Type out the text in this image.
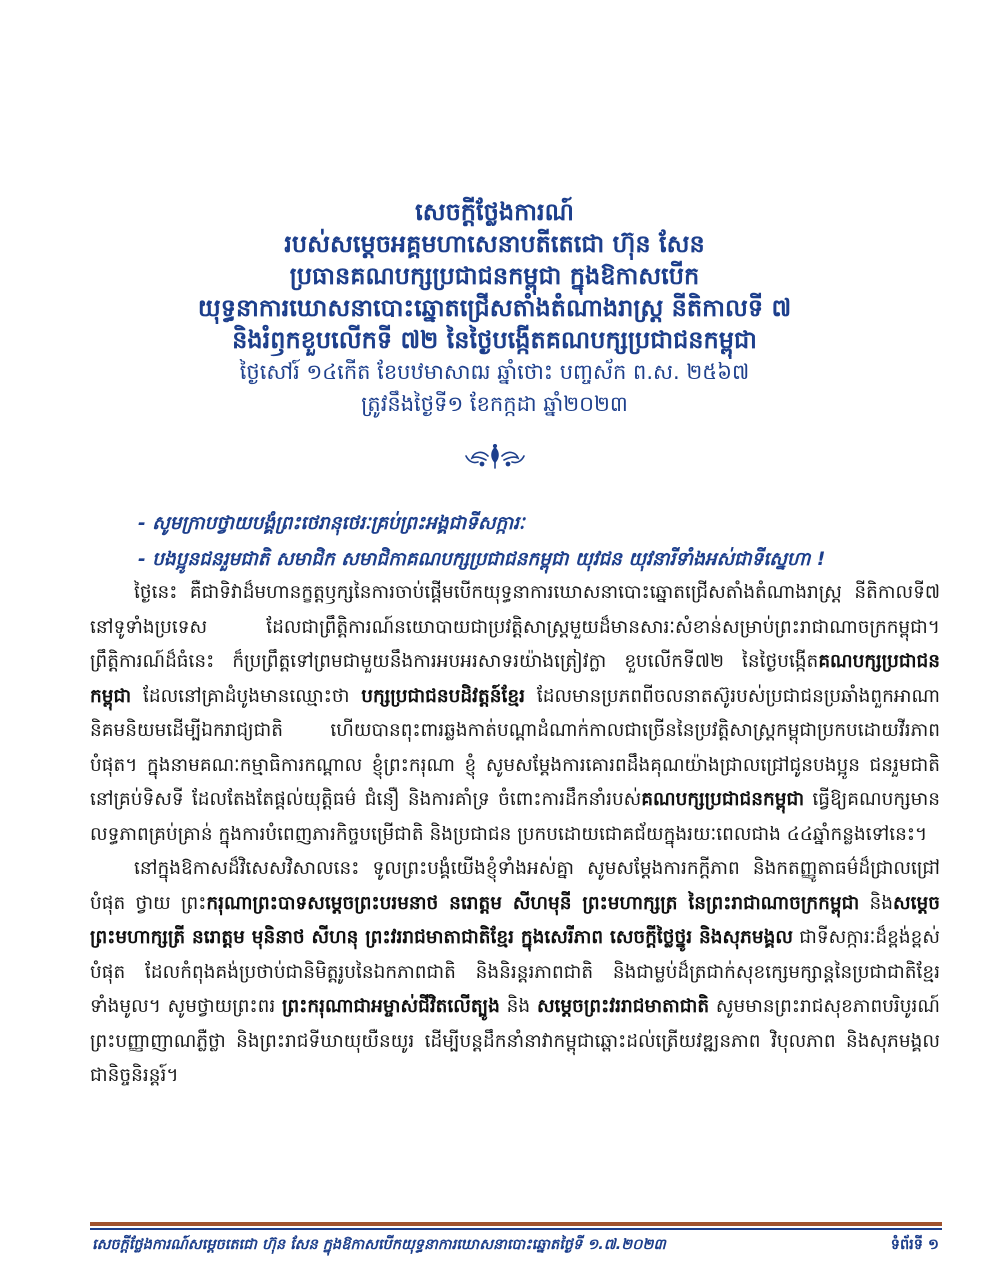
សេចក្តីថ្លែងការណ៍
របស់សម្តេចអគ្គមហាសេនាបតីតេជោ ហ៊ុន សែន
ប្រធានគណបក្សប្រជាជនកម្ពុជា ក្នុងឱកាសបើក
យុទ្ធនាការឃោសនាបោះឆ្នោតជ្រើសតាំងតំណាងរាស្ត្រ នីតិកាលទី ៧
និងរំឭកខួបលើកទី ៧២ នៃថ្ងៃបង្កើតគណបក្សប្រជាជនកម្ពុជា
ថ្ងៃសៅរ៍ ១៤កើត ខែបឋមាសាឍ ឆ្នាំថោះ បញ្ចស័ក ព.ស. ២៥៦៧
ត្រូវនឹងថ្ងៃទី១ ខែកក្កដា ឆ្នាំ២០២៣
- សូមក្រាបថ្វាយបង្គំព្រះថេរានុថេរៈគ្រប់ព្រះអង្គជាទីសក្ការៈ
- បងប្អូនជនរួមជាតិ សមាជិក សមាជិកាគណបក្សប្រជាជនកម្ពុជា យុវជន យុវនារីទាំងអស់ជាទីស្នេហា !

ថ្ងៃនេះ គឺជាទិវាដ៏មហានក្ខត្តឫក្សនៃការចាប់ផ្តើមបើកយុទ្ធនាការឃោសនាបោះឆ្នោតជ្រើសតាំងតំណាងរាស្ត្រ នីតិកាលទី៧ នៅទូទាំងប្រទេស ដែលជាព្រឹត្តិការណ៍នយោបាយជាប្រវត្តិសាស្ត្រមួយដ៏មានសារៈសំខាន់សម្រាប់ព្រះរាជាណាចក្រកម្ពុជា។ ព្រឹត្តិការណ៍ដ៏ធំនេះ ក៏ប្រព្រឹត្តទៅព្រមជាមួយនឹងការអបអរសាទរយ៉ាងត្រៀវក្លា ខួបលើកទី៧២ នៃថ្ងៃបង្កើតគណបក្សប្រជាជនកម្ពុជា ដែលនៅគ្រាដំបូងមានឈ្មោះថា បក្សប្រជាជនបដិវត្តន៍ខ្មែរ ដែលមានប្រភពពីចលនាតស៊ូរបស់ប្រជាជនប្រឆាំងពួកអាណានិគមនិយមដើម្បីឯករាជ្យជាតិ ហើយបានពុះពារឆ្លងកាត់បណ្តាដំណាក់កាលជាច្រើននៃប្រវត្តិសាស្ត្រកម្ពុជាប្រកបដោយវីរភាពបំផុត។ ក្នុងនាមគណៈកម្មាធិការកណ្តាល ខ្ញុំព្រះករុណា ខ្ញុំ សូមសម្តែងការគោរពដឹងគុណយ៉ាងជ្រាលជ្រៅជូនបងប្អូន ជនរួមជាតិនៅគ្រប់ទិសទី ដែលតែងតែផ្តល់យុត្តិធម៌ ជំនឿ និងការគាំទ្រ ចំពោះការដឹកនាំរបស់គណបក្សប្រជាជនកម្ពុជា ធ្វើឱ្យគណបក្សមានលទ្ធភាពគ្រប់គ្រាន់ ក្នុងការបំពេញភារកិច្ចបម្រើជាតិ និងប្រជាជន ប្រកបដោយជោគជ័យក្នុងរយៈពេលជាង ៤៤ឆ្នាំកន្លងទៅនេះ។

នៅក្នុងឱកាសដ៏វិសេសវិសាលនេះ ទូលព្រះបង្គំយើងខ្ញុំទាំងអស់គ្នា សូមសម្តែងការកក្តីភាព និងកតញ្ញូតាធម៌ដ៏ជ្រាលជ្រៅបំផុត ថ្វាយ ព្រះករុណាព្រះបាទសម្តេចព្រះបរមនាថ នរោត្តម សីហមុនី ព្រះមហាក្សត្រ នៃព្រះរាជាណាចក្រកម្ពុជា និងសម្តេចព្រះមហាក្សត្រី នរោត្តម មុនិនាថ សីហនុ ព្រះវររាជមាតាជាតិខ្មែរ ក្នុងសេរីភាព សេចក្តីថ្លៃថ្នូរ និងសុភមង្គល ជាទីសក្ការៈដ៏ខ្ពង់ខ្ពស់បំផុត ដែលកំពុងគង់ប្រថាប់ជានិមិត្តរូបនៃឯកភាពជាតិ និងនិរន្តរភាពជាតិ និងជាម្លប់ដ៏ត្រជាក់សុខក្សេមក្សាន្តនៃប្រជាជាតិខ្មែរទាំងមូល។ សូមថ្វាយព្រះពរ ព្រះករុណាជាអម្ចាស់ជីវិតលើត្បូង និង សម្តេចព្រះវររាជមាតាជាតិ សូមមានព្រះរាជសុខភាពបរិបូរណ៍ ព្រះបញ្ញាញាណភ្លឺថ្លា និងព្រះរាជទីឃាយុយឺនយូរ ដើម្បីបន្តដឹកនាំនាវាកម្ពុជាឆ្ពោះដល់ត្រើយវឌ្ឍនភាព វិបុលភាព និងសុភមង្គលជានិច្ចនិរន្តរ៍។

សេចក្តីថ្លែងការណ៍សម្តេចតេជោ ហ៊ុន សែន ក្នុងឱកាសបើកយុទ្ធនាការឃោសនាបោះឆ្នោតថ្ងៃទី ១.៧.២០២៣	ទំព័រទី ១
